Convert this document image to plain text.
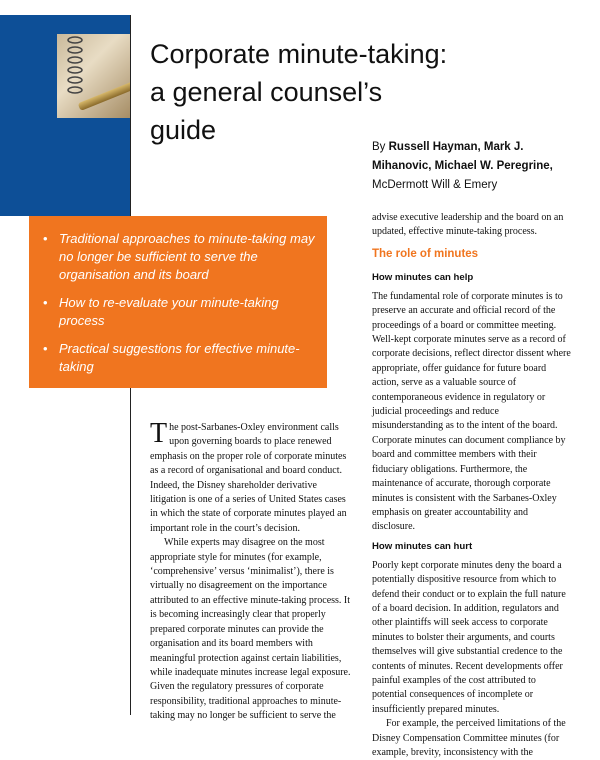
Corporate minute-taking:
a general counsel’s
guide
By Russell Hayman, Mark J.
Mihanovic, Michael W. Peregrine,
McDermott Will & Emery
• Traditional approaches to minute-taking may no longer be sufficient to serve the organisation and its board
• How to re-evaluate your minute-taking process
• Practical suggestions for effective minute-taking

The post-Sarbanes-Oxley environment calls upon governing boards to place renewed emphasis on the proper role of corporate minutes as a record of organisational and board conduct. Indeed, the Disney shareholder derivative litigation is one of a series of United States cases in which the state of corporate minutes played an important role in the court’s decision.

While experts may disagree on the most appropriate style for minutes (for example, ‘comprehensive’ versus ‘minimalist’), there is virtually no disagreement on the importance attributed to an effective minute-taking process. It is becoming increasingly clear that properly prepared corporate minutes can provide the organisation and its board members with meaningful protection against certain liabilities, while inadequate minutes increase legal exposure. Given the regulatory pressures of corporate responsibility, traditional approaches to minute-taking may no longer be sufficient to serve the

advise executive leadership and the board on an updated, effective minute-taking process.

The role of minutes
How minutes can help

The fundamental role of corporate minutes is to preserve an accurate and official record of the proceedings of a board or committee meeting. Well-kept corporate minutes serve as a record of corporate decisions, reflect director dissent where appropriate, offer guidance for future board action, serve as a valuable source of contemporaneous evidence in regulatory or judicial proceedings and reduce misunderstanding as to the intent of the board. Corporate minutes can document compliance by board and committee members with their fiduciary obligations. Furthermore, the maintenance of accurate, thorough corporate minutes is consistent with the Sarbanes-Oxley emphasis on greater accountability and disclosure.

How minutes can hurt

Poorly kept corporate minutes deny the board a potentially dispositive resource from which to defend their conduct or to explain the full nature of a board decision. In addition, regulators and other plaintiffs will seek access to corporate minutes to bolster their arguments, and courts themselves will give substantial credence to the contents of minutes. Recent developments offer painful examples of the cost attributed to potential consequences of incomplete or insufficiently prepared minutes.

For example, the perceived limitations of the Disney Compensation Committee minutes (for example, brevity, inconsistency with the
